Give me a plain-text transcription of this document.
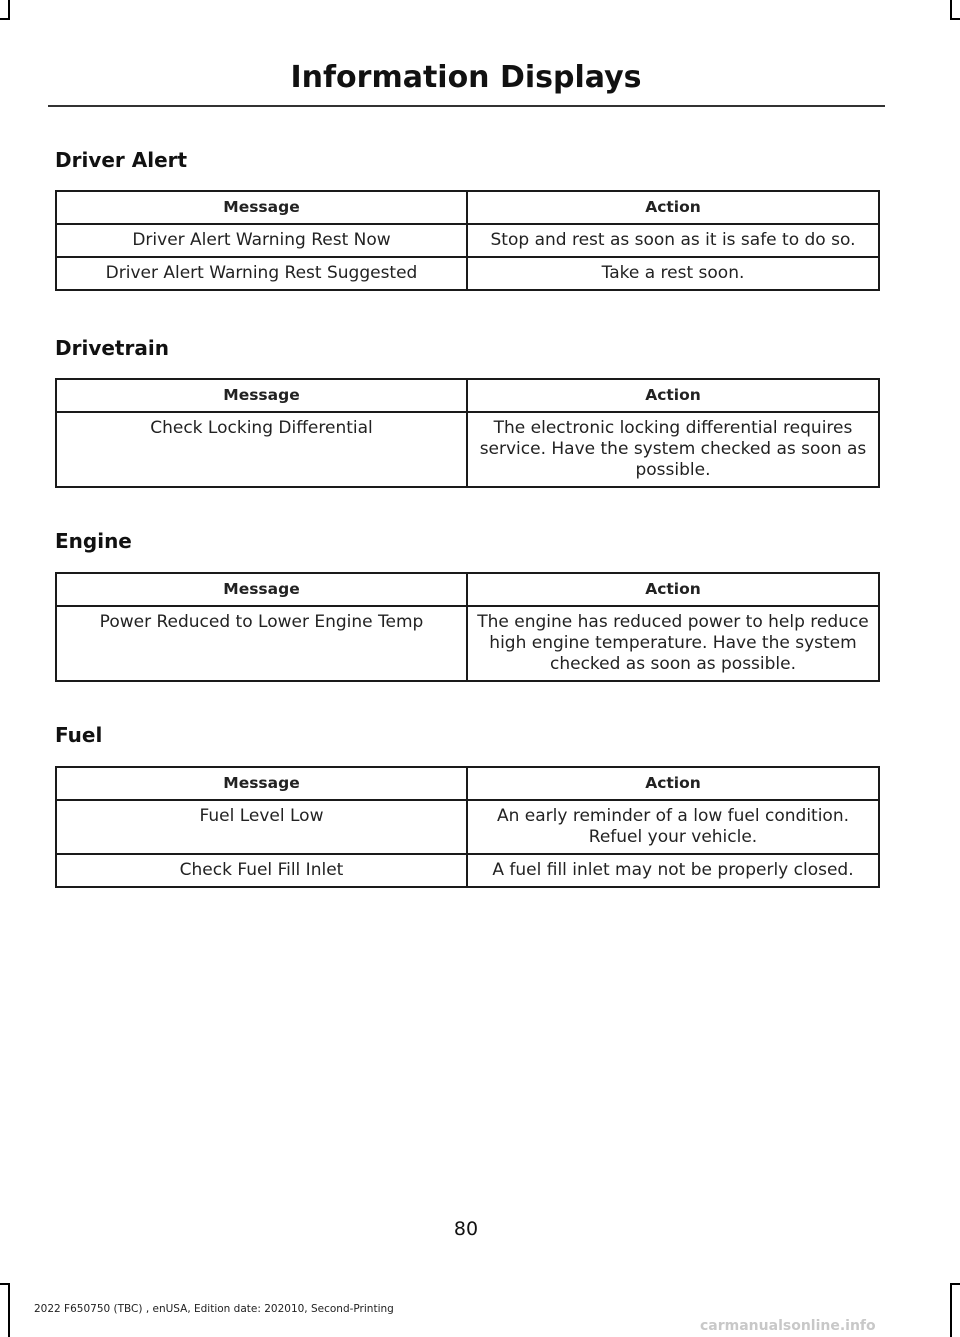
Information Displays
Driver Alert
Message	Action
Driver Alert Warning Rest Now	Stop and rest as soon as it is safe to do so.
Driver Alert Warning Rest Suggested	Take a rest soon.
Drivetrain
Message	Action
Check Locking Differential	The electronic locking differential requires service. Have the system checked as soon as possible.
Engine
Message	Action
Power Reduced to Lower Engine Temp	The engine has reduced power to help reduce high engine temperature. Have the system checked as soon as possible.
Fuel
Message	Action
Fuel Level Low	An early reminder of a low fuel condition. Refuel your vehicle.
Check Fuel Fill Inlet	A fuel fill inlet may not be properly closed.
80
2022 F650750 (TBC) , enUSA, Edition date: 202010, Second-Printing
carmanualsonline.info
